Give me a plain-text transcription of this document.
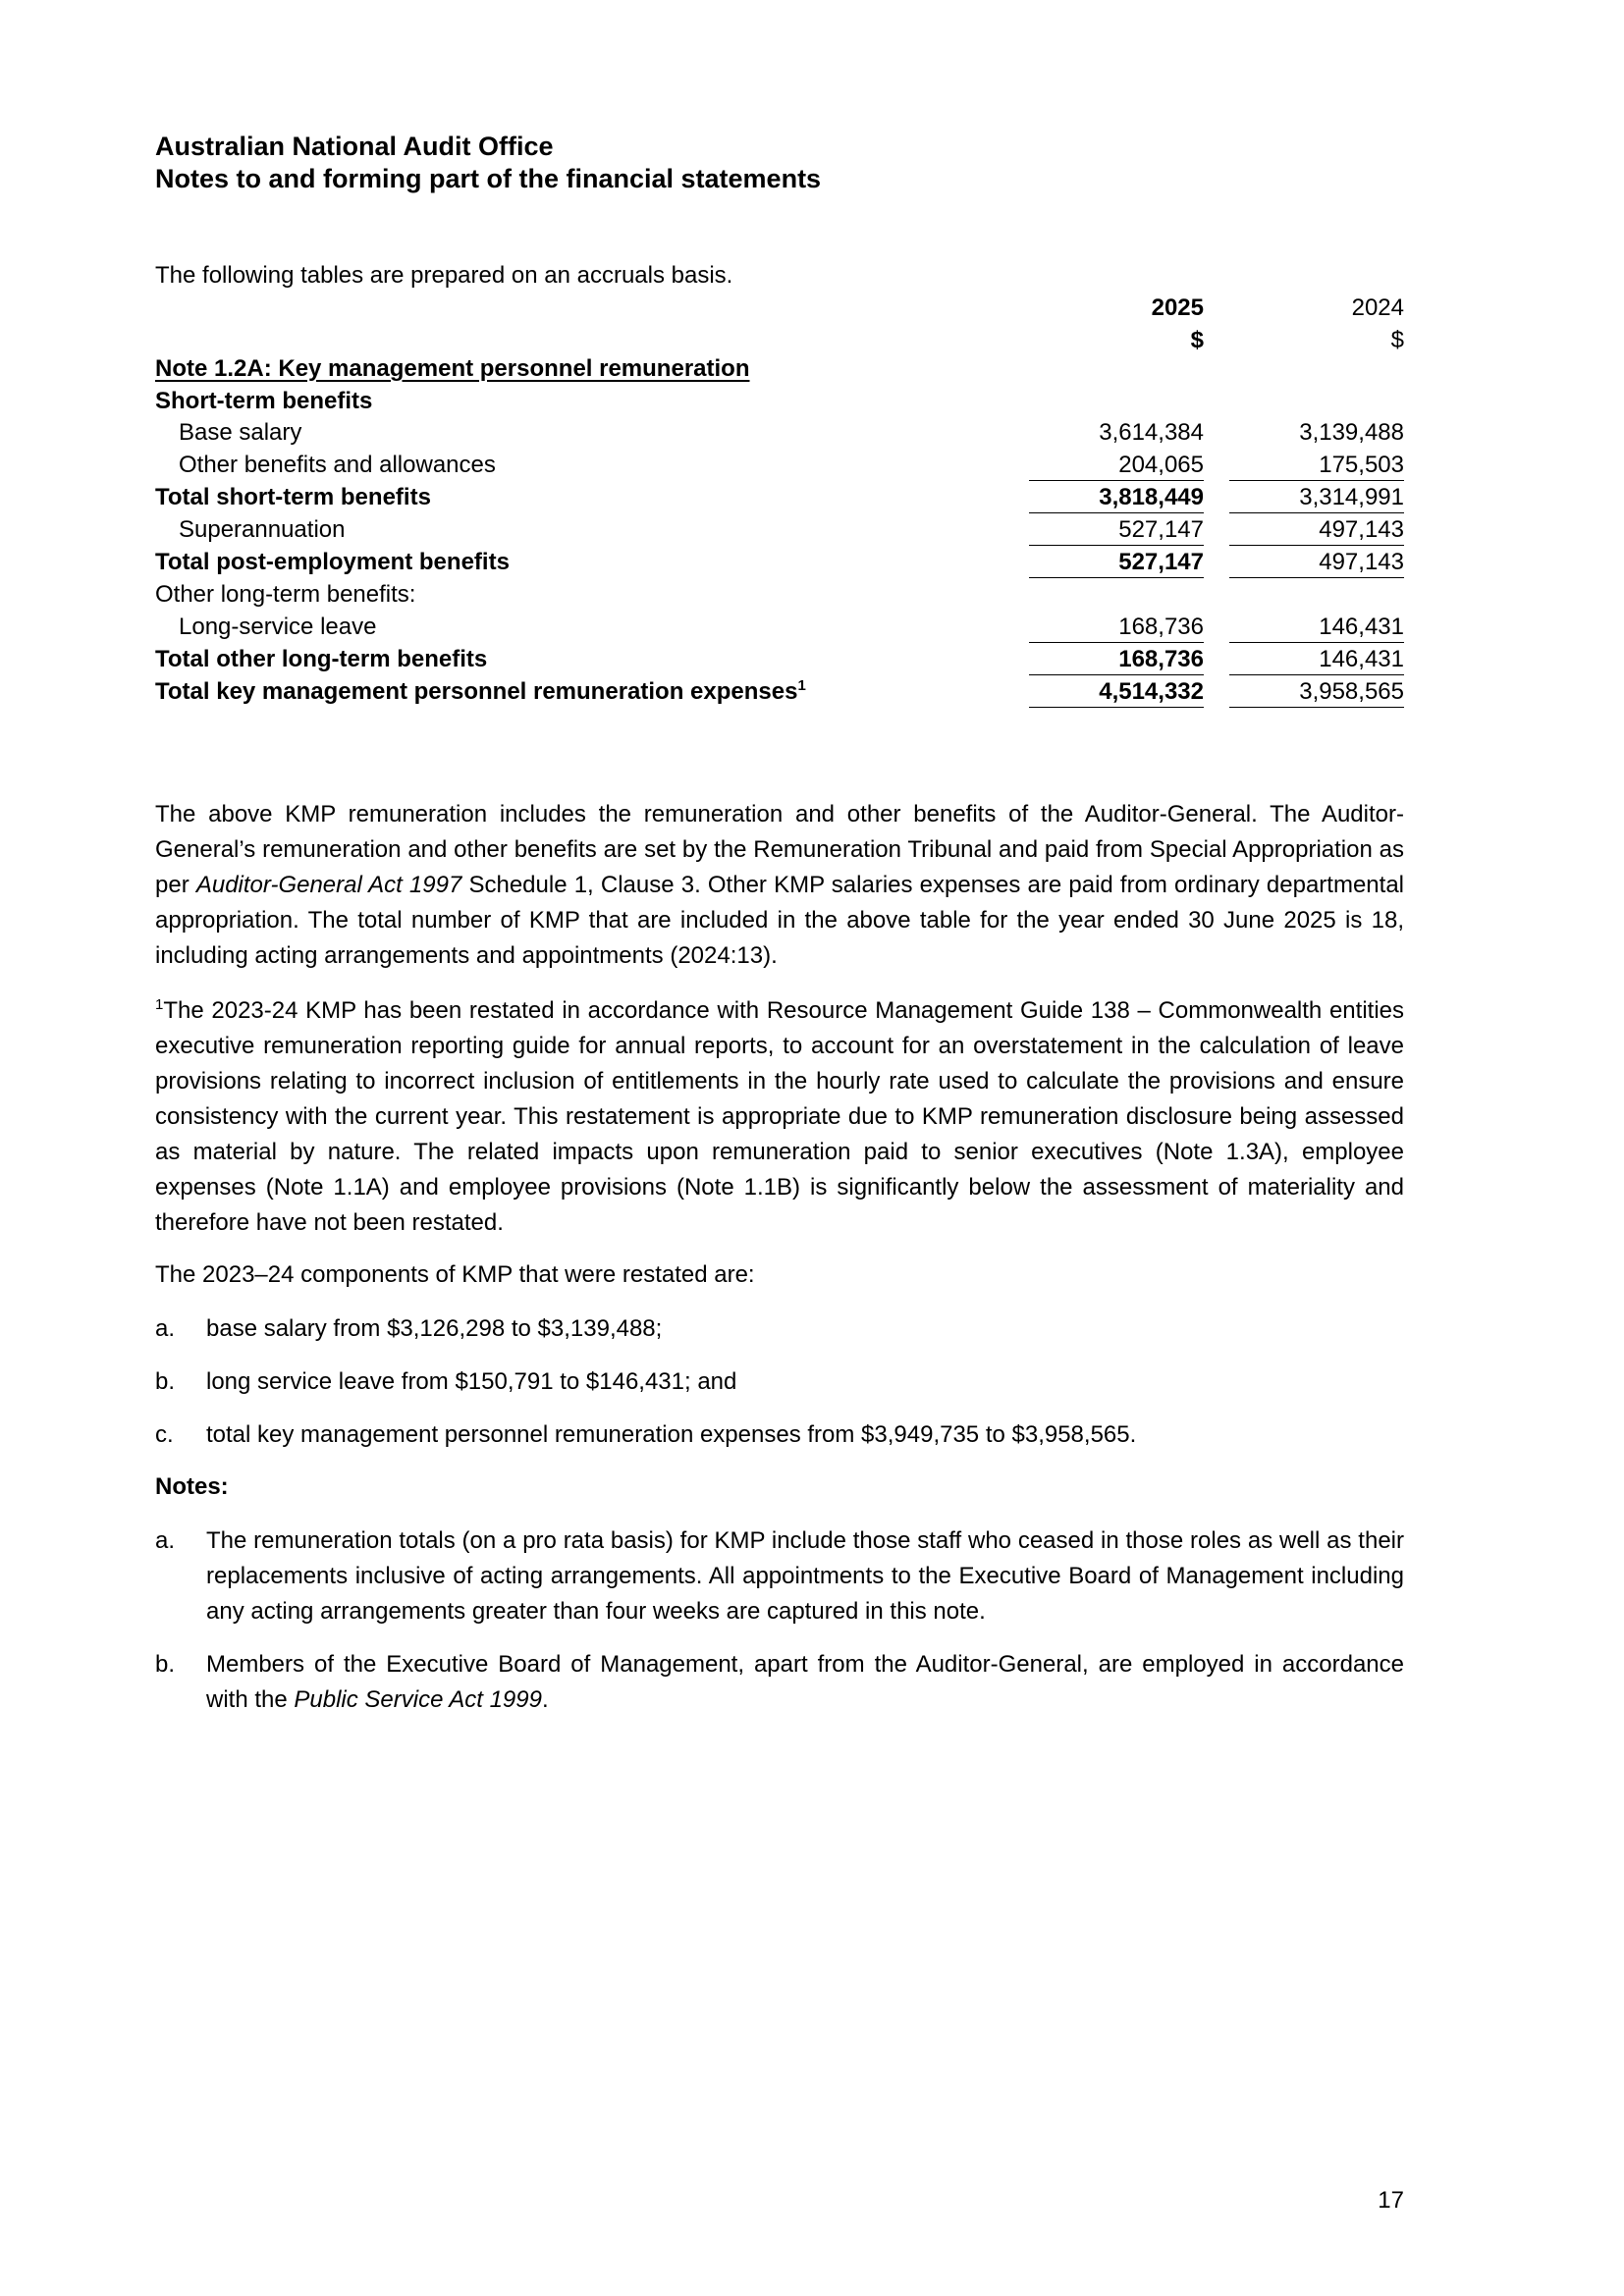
Australian National Audit Office
Notes to and forming part of the financial statements
The following tables are prepared on an accruals basis.
2025	2024
$	$
Note 1.2A: Key management personnel remuneration
Short-term benefits
Base salary	3,614,384	3,139,488
Other benefits and allowances	204,065	175,503
Total short-term benefits	3,818,449	3,314,991
Superannuation	527,147	497,143
Total post-employment benefits	527,147	497,143
Other long-term benefits:
Long-service leave	168,736	146,431
Total other long-term benefits	168,736	146,431
Total key management personnel remuneration expenses$^1$	4,514,332	3,958,565

The above KMP remuneration includes the remuneration and other benefits of the Auditor-General. The Auditor-General’s remuneration and other benefits are set by the Remuneration Tribunal and paid from Special Appropriation as per Auditor-General Act 1997 Schedule 1, Clause 3. Other KMP salaries expenses are paid from ordinary departmental appropriation. The total number of KMP that are included in the above table for the year ended 30 June 2025 is 18, including acting arrangements and appointments (2024:13).

$^1$The 2023-24 KMP has been restated in accordance with Resource Management Guide 138 – Commonwealth entities executive remuneration reporting guide for annual reports, to account for an overstatement in the calculation of leave provisions relating to incorrect inclusion of entitlements in the hourly rate used to calculate the provisions and ensure consistency with the current year. This restatement is appropriate due to KMP remuneration disclosure being assessed as material by nature. The related impacts upon remuneration paid to senior executives (Note 1.3A), employee expenses (Note 1.1A) and employee provisions (Note 1.1B) is significantly below the assessment of materiality and therefore have not been restated.

The 2023–24 components of KMP that were restated are:

a. base salary from $3,126,298 to $3,139,488;
b. long service leave from $150,791 to $146,431; and
c. total key management personnel remuneration expenses from $3,949,735 to $3,958,565.
Notes:
a. The remuneration totals (on a pro rata basis) for KMP include those staff who ceased in those roles as well as their replacements inclusive of acting arrangements. All appointments to the Executive Board of Management including any acting arrangements greater than four weeks are captured in this note.
b. Members of the Executive Board of Management, apart from the Auditor-General, are employed in accordance with the Public Service Act 1999.
17
